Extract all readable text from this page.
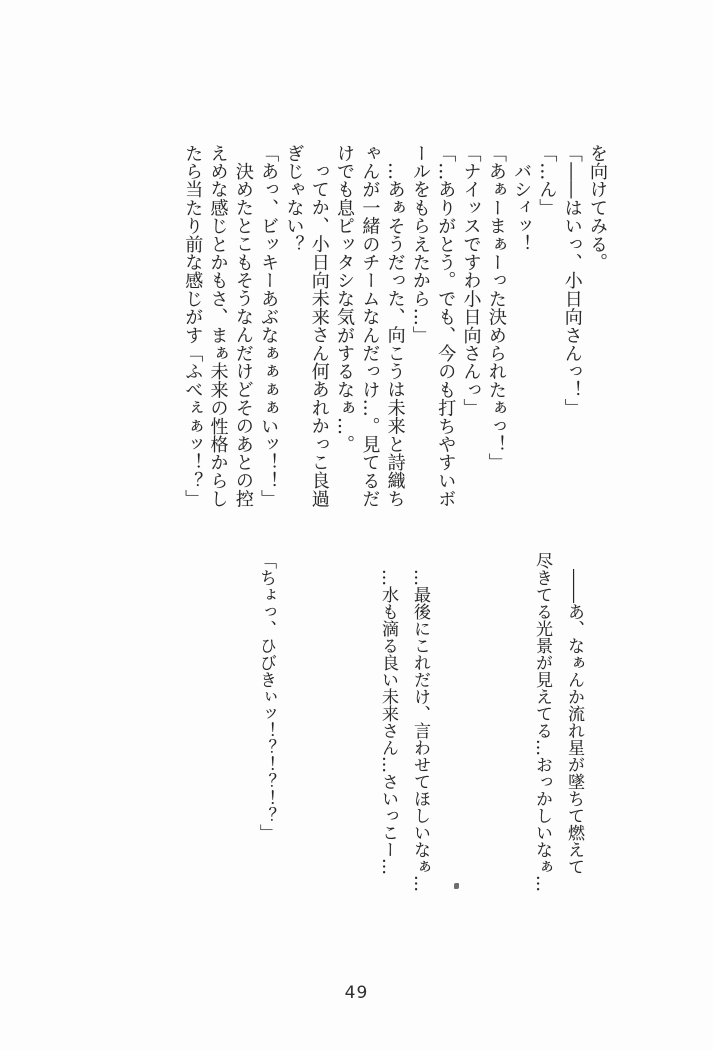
を向けてみる。
「――はいっ、小日向さんっ！」
「…ん」
バシィッ！
「あぁーまぁーった決められたぁっ！」
「ナイッスですわ小日向さんっ」
「…ありがとう。でも、今のも打ちやすいボ
ールをもらえたから…」
…あぁそうだった、向こうは未来と詩織ち
ゃんが一緒のチームなんだっけ…。見てるだ
けでも息ピッタシな気がするなぁ…。
ってか、小日向未来さん何あれかっこ良過
ぎじゃない？
「あっ、ビッキーあぶなぁぁぁぁいッ！！」
決めたとこもそうなんだけどそのあとの控
えめな感じとかもさ、まぁ未来の性格からし
たら当たり前な感じがす「ふべぇぁッ！？」
――あ、なぁんか流れ星が墜ちて燃えて
尽きてる光景が見えてる…おっかしいなぁ…
…最後にこれだけ、言わせてほしいなぁ…
…水も滴る良い未来さん…さいっこー…
「ちょっ、ひびきぃッ！？！？！？」
49
